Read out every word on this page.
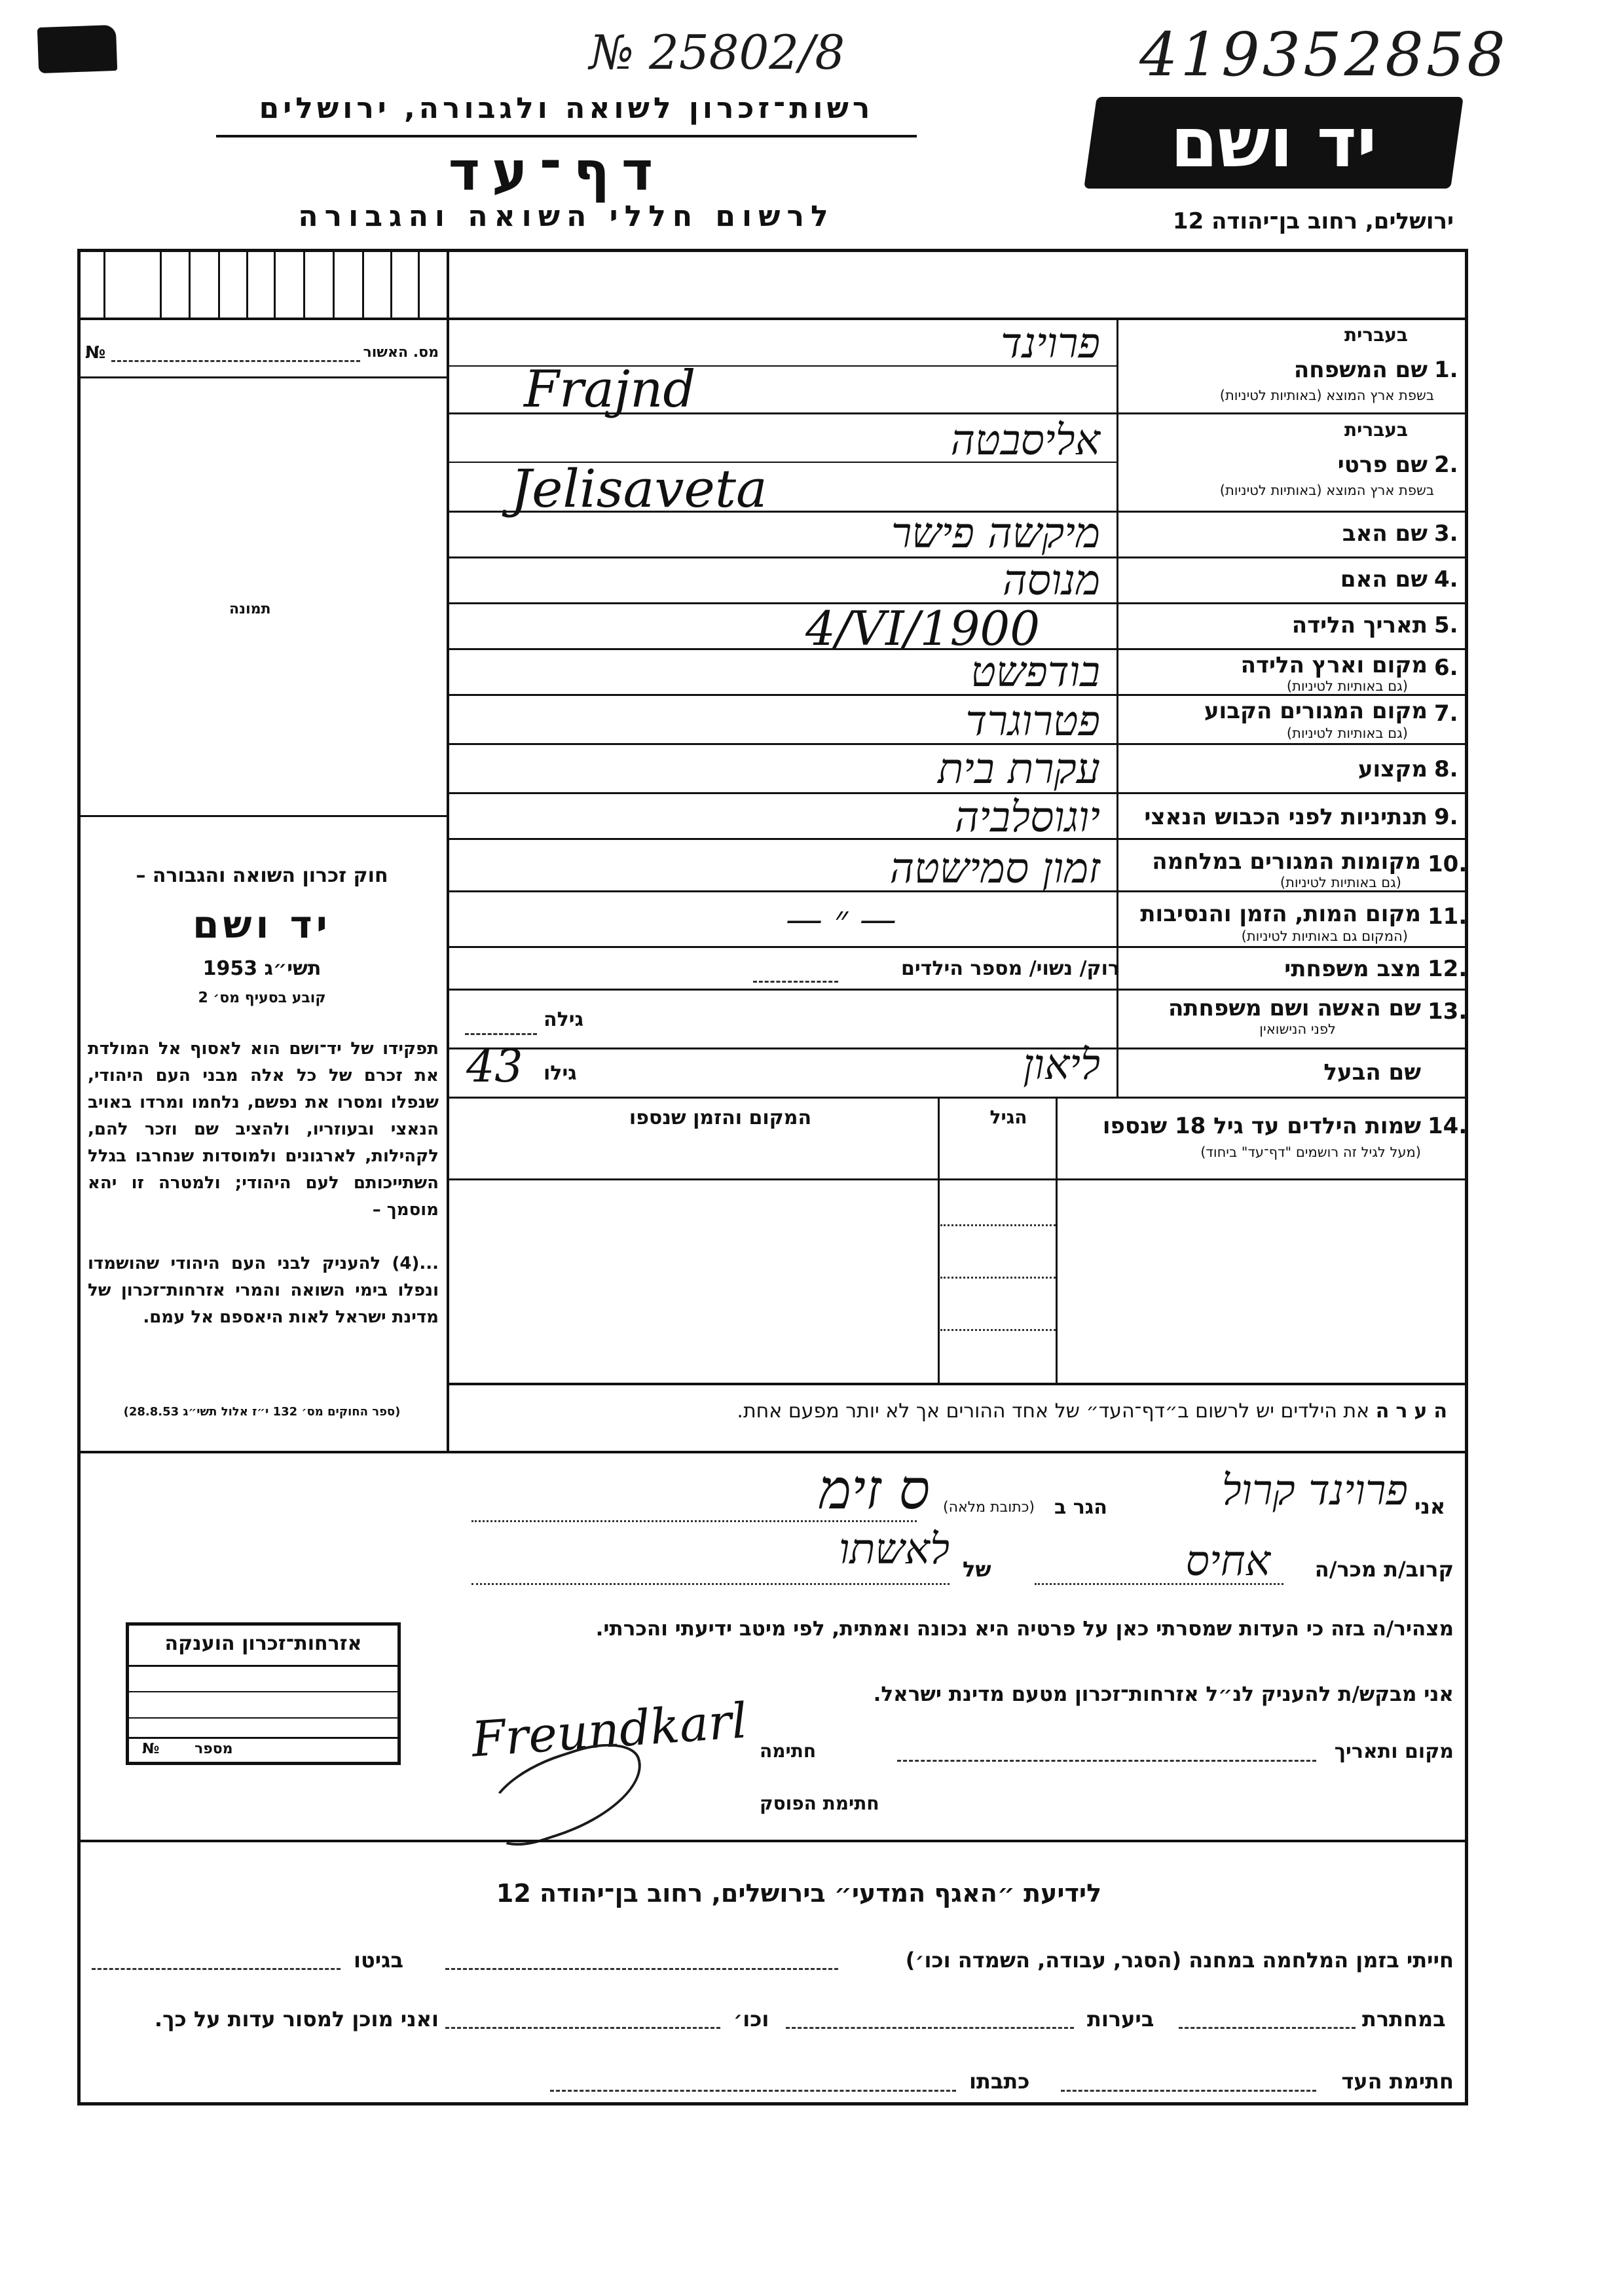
№ 25802/8	419352858
רשות־זכרון לשואה ולגבורה, ירושלים
דף־עד
לרשום חללי השואה והגבורה
יד ושם
ירושלים, רחוב בן־יהודה 12
מס. האשור
№
תמונה
חוק זכרון השואה והגבורה –
יד ושם
תשי״ג 1953
קובע בסעיף מס׳ 2
תפקידו של יד־ושם הוא לאסוף אל המולדת את זכרם של כל אלה מבני העם היהודי, שנפלו ומסרו את נפשם, נלחמו ומרדו באויב הנאצי ובעוזריו, ולהציב שם וזכר להם, לקהילות, לארגונים ולמוסדות שנחרבו בגלל השתייכותם לעם היהודי; ולמטרה זו יהא מוסמך –
...(4) להעניק לבני העם היהודי שהושמדו ונפלו בימי השואה והמרי אזרחות־זכרון של מדינת ישראל לאות היאספם אל עמם.
(ספר החוקים מס׳ 132 י״ז אלול תשי״ג 28.8.53)
1.
בעברית
שם המשפחה
בשפת ארץ המוצא (באותיות לטיניות)
פרוינד
Frajnd
2.
בעברית
שם פרטי
בשפת ארץ המוצא (באותיות לטיניות)
אליסבטה
Jelisaveta
3.
שם האב
מיקשה פישר
4.
שם האם
מנוסה
5.
תאריך הלידה
4/VI/1900
6.
מקום וארץ הלידה
(גם באותיות לטיניות)
בודפשט
7.
מקום המגורים הקבוע
(גם באותיות לטיניות)
פטרוגרד
8.
מקצוע
עקרת בית
9.
תנתיניות לפני הכבוש הנאצי
יוגוסלביה
10.
מקומות המגורים במלחמה
(גם באותיות לטיניות)
זמון סמישטה
11.
מקום המות, הזמן והנסיבות
(המקום גם באותיות לטיניות)
— ״ —
12.
מצב משפחתי
רוק/ נשוי/ מספר הילדים
13.
שם האשה ושם משפחתה
לפני הנישואין
גילה
שם הבעל
ליאון
גילו
43
14.
שמות הילדים עד גיל 18 שנספו
(מעל לגיל זה רושמים "דף־עד" ביחוד)
הגיל
המקום והזמן שנספו
הערה את הילדים יש לרשום ב״דף־העד״ של אחד ההורים אך לא יותר מפעם אחת.
אני
פרוינד קרול
הגר ב
(כתובת מלאה)
ס זימ
קרוב/ת מכר/ה
אחיס
של
לאשתו
מצהיר/ה בזה כי העדות שמסרתי כאן על פרטיה היא נכונה ואמתית, לפי מיטב ידיעתי והכרתי.
אני מבקש/ת להעניק לנ״ל אזרחות־זכרון מטעם מדינת ישראל.
מקום ותאריך
חתימה
Freundkarl
חתימת הפוסק
אזרחות־זכרון הוענקה
מספר
№
לידיעת ״האגף המדעי״ בירושלים, רחוב בן־יהודה 12
חייתי בזמן המלחמה במחנה (הסגר, עבודה, השמדה וכו׳)
בגיטו
במחתרת
ביערות
וכו׳
ואני מוכן למסור עדות על כך.
חתימת העד
כתבתו
